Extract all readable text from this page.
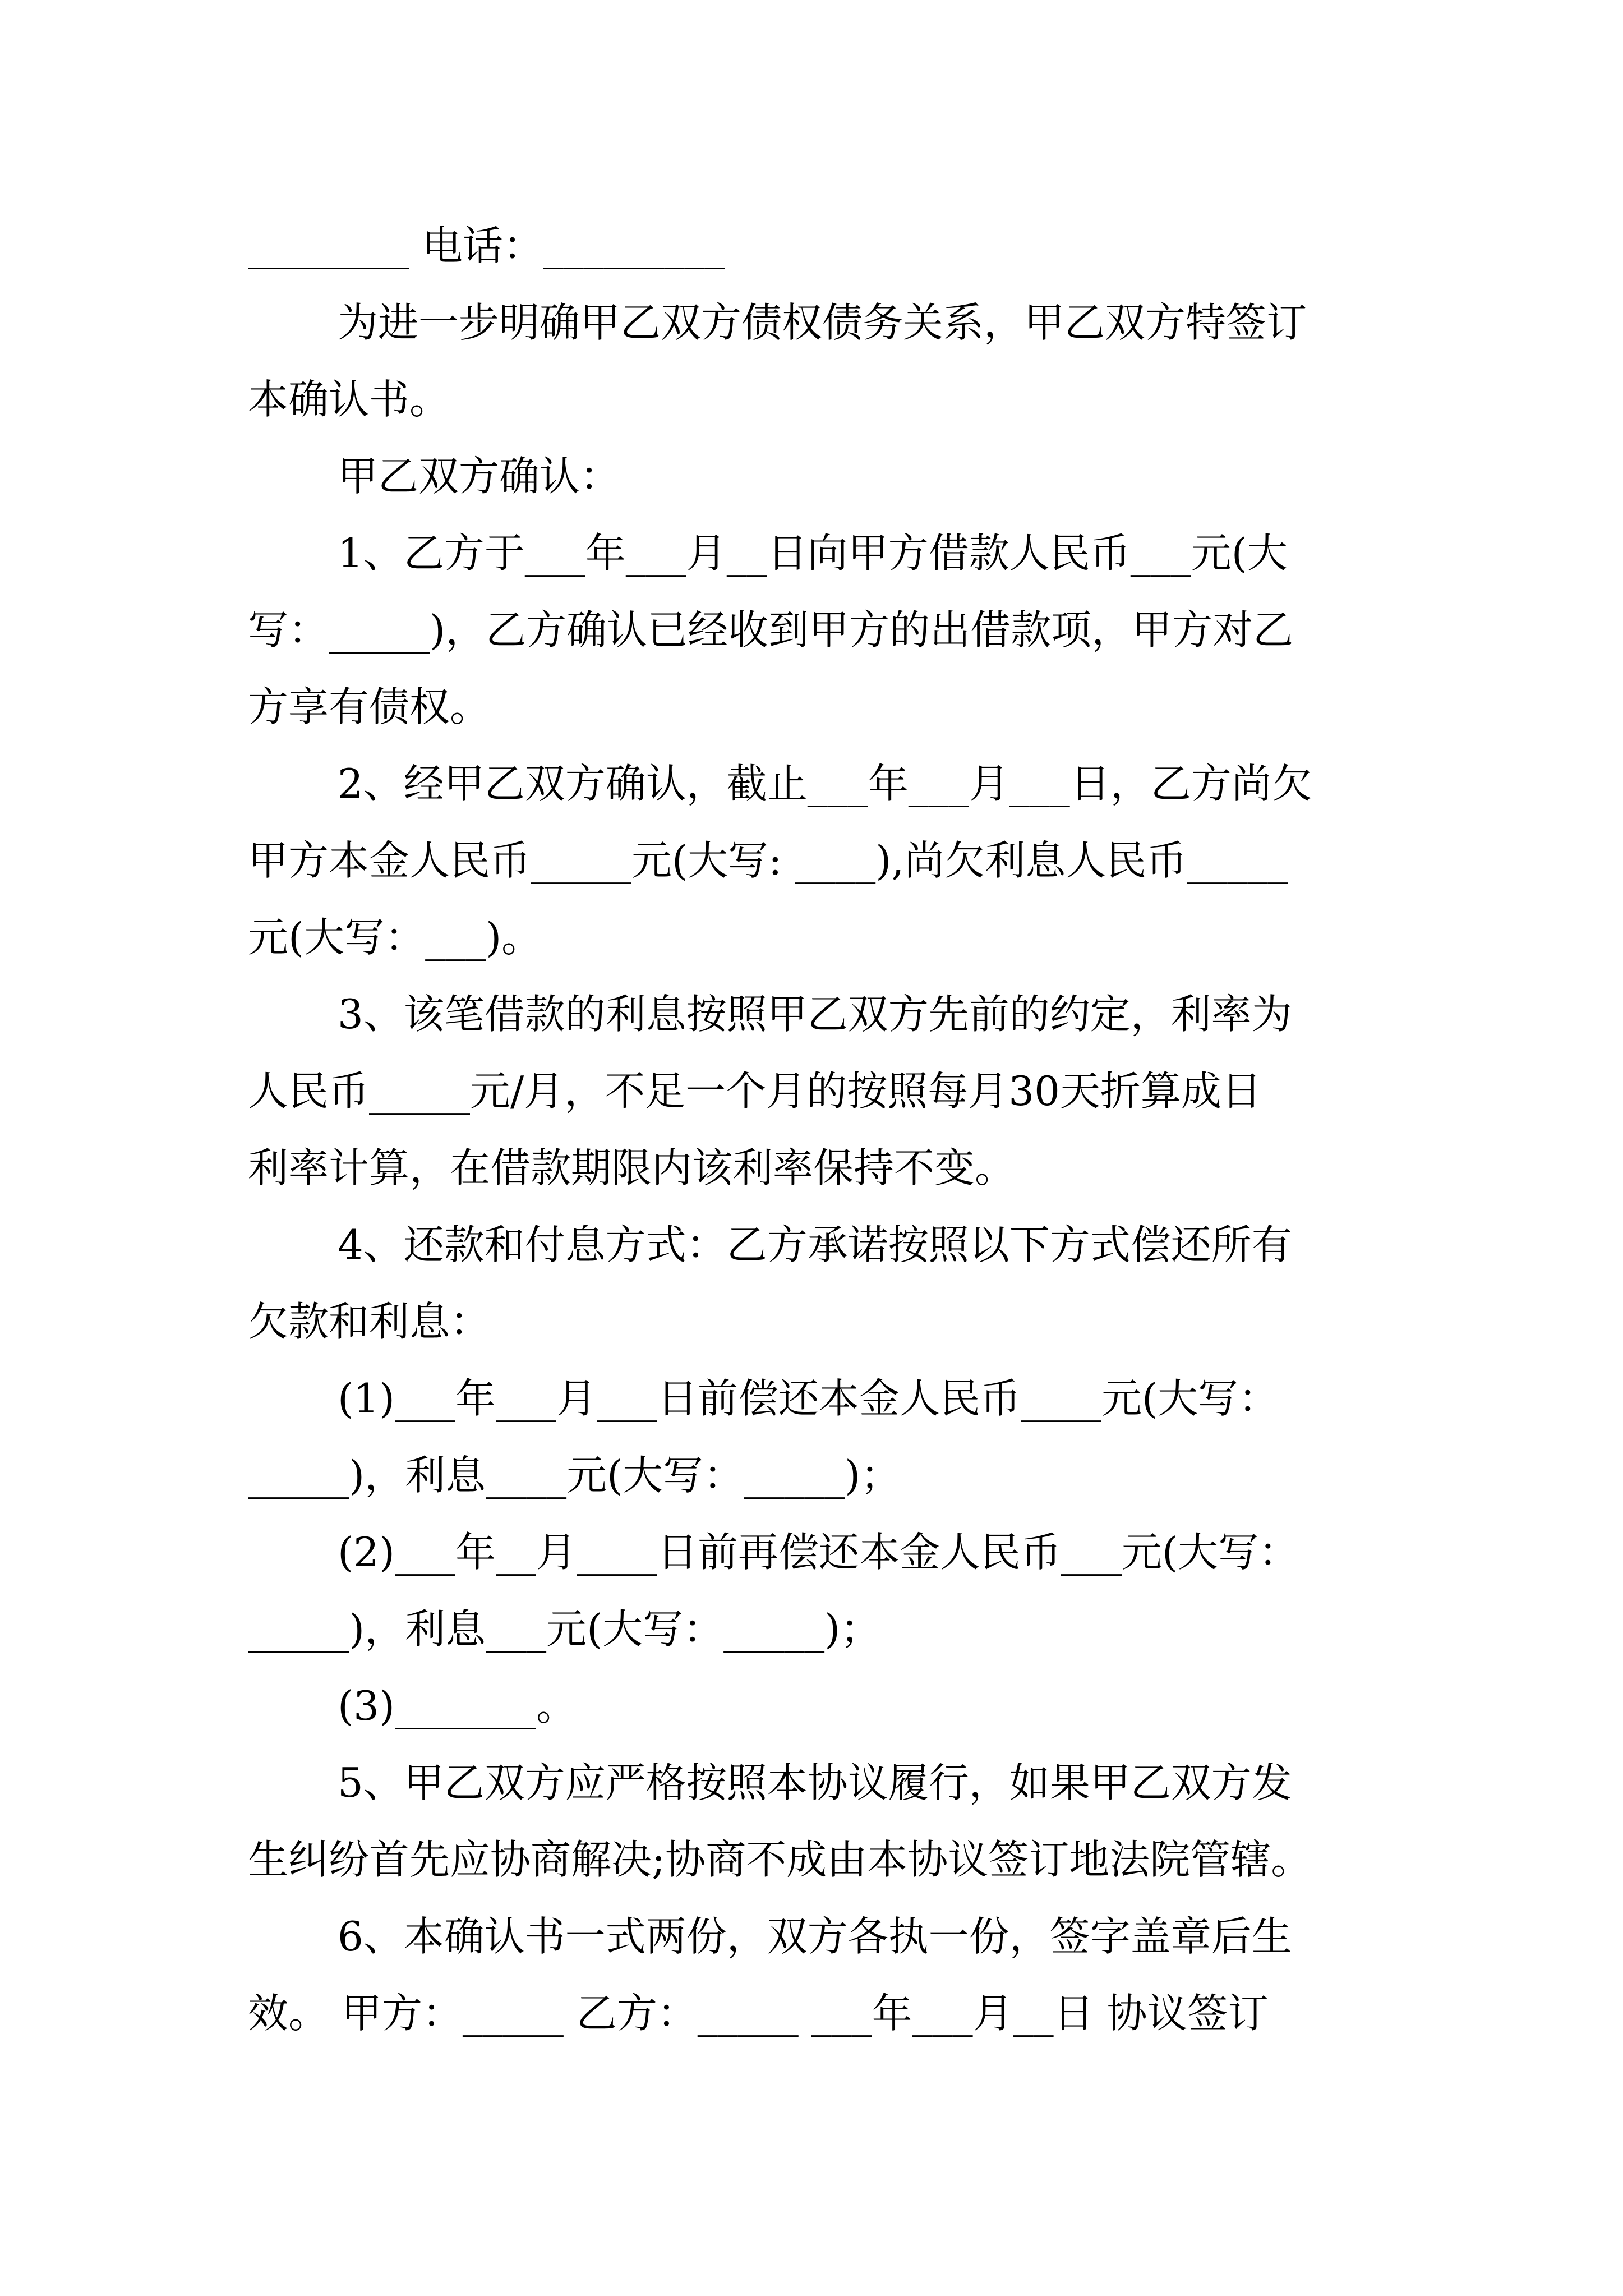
________ 电话：_________
为进一步明确甲乙双方债权债务关系，甲乙双方特签订
本确认书。
甲乙双方确认：
1、乙方于___年___月__日向甲方借款人民币___元(大
写：_____)，乙方确认已经收到甲方的出借款项，甲方对乙
方享有债权。
2、经甲乙双方确认，截止___年___月___日，乙方尚欠
甲方本金人民币_____元(大写: ____),尚欠利息人民币_____
元(大写：___)。
3、该笔借款的利息按照甲乙双方先前的约定，利率为
人民币_____元/月，不足一个月的按照每月30天折算成日
利率计算，在借款期限内该利率保持不变。
4、还款和付息方式：乙方承诺按照以下方式偿还所有
欠款和利息：
(1)___年___月___日前偿还本金人民币____元(大写：
_____)，利息____元(大写：_____)；
(2)___年__月____日前再偿还本金人民币___元(大写：
_____)，利息___元(大写：_____)；
(3)_______。
5、甲乙双方应严格按照本协议履行，如果甲乙双方发
生纠纷首先应协商解决;协商不成由本协议签订地法院管辖。
6、本确认书一式两份，双方各执一份，签字盖章后生
效。 甲方：_____ 乙方：_____ ___年___月__日 协议签订
